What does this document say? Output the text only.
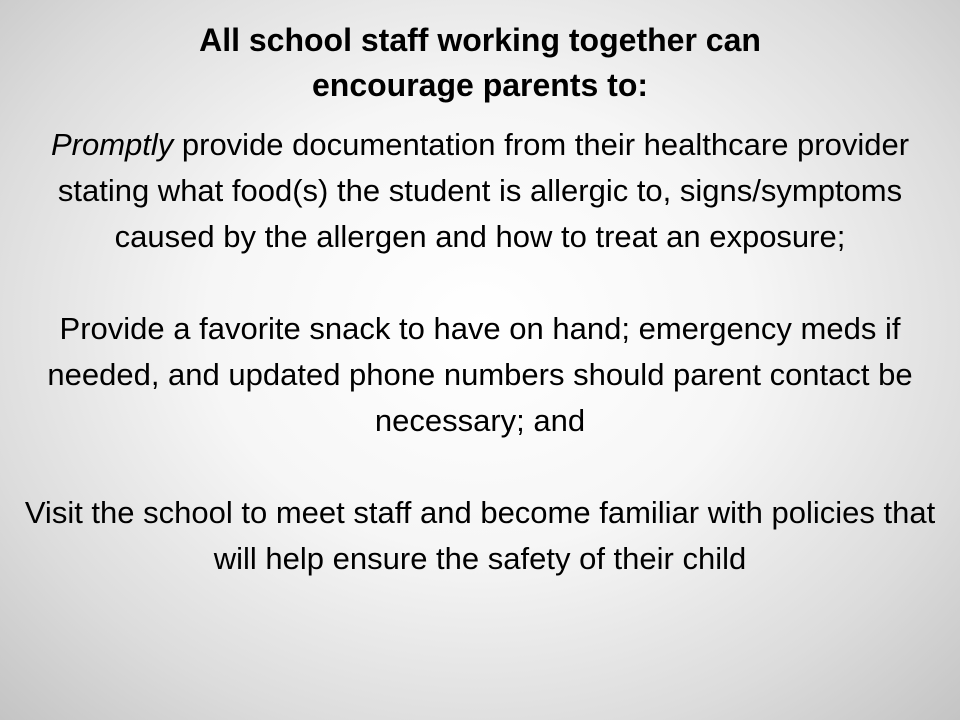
All school staff working together can encourage parents to:

Promptly provide documentation from their healthcare provider stating what food(s) the student is allergic to, signs/symptoms caused by the allergen and how to treat an exposure;

Provide a favorite snack to have on hand; emergency meds if needed, and updated phone numbers should parent contact be necessary; and

Visit the school to meet staff and become familiar with policies that will help ensure the safety of their child
